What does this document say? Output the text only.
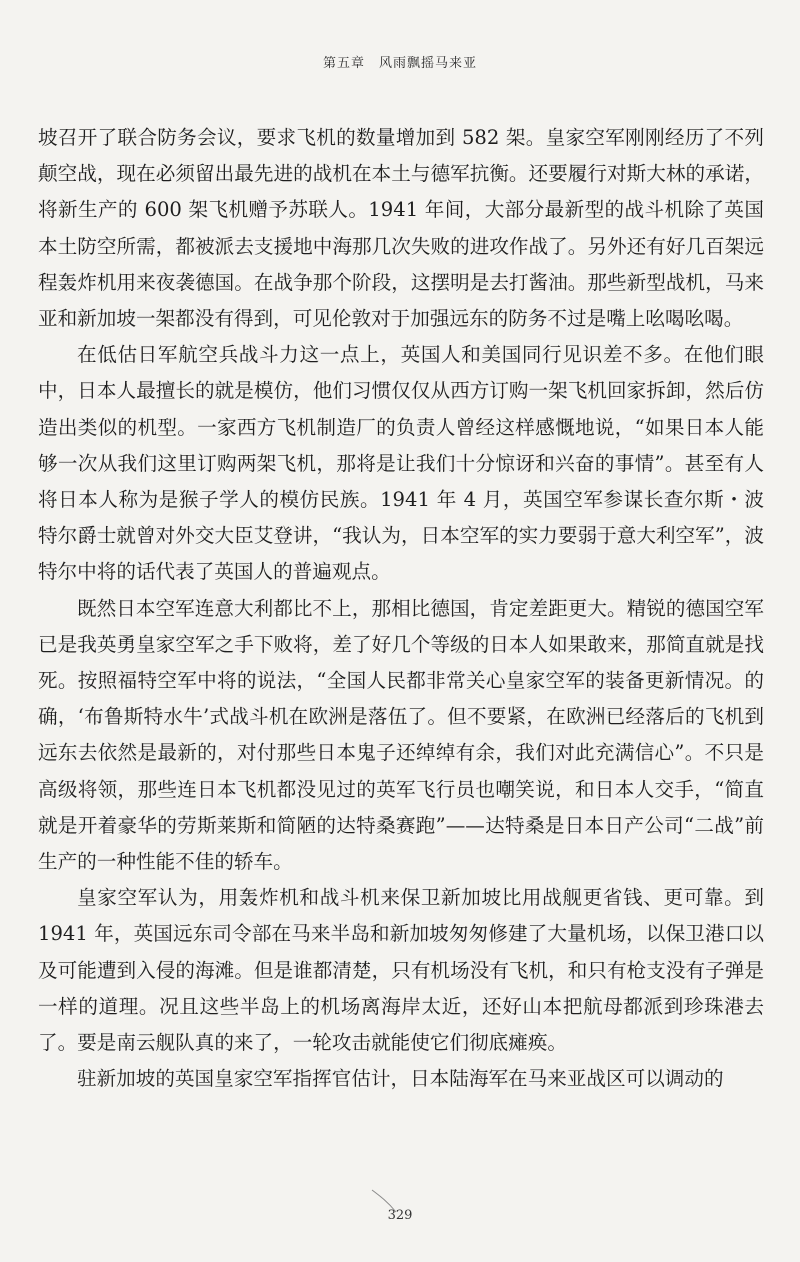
第五章　风雨飘摇马来亚

坡召开了联合防务会议，要求飞机的数量增加到 582 架。皇家空军刚刚经历了不列颠空战，现在必须留出最先进的战机在本土与德军抗衡。还要履行对斯大林的承诺，将新生产的 600 架飞机赠予苏联人。1941 年间，大部分最新型的战斗机除了英国本土防空所需，都被派去支援地中海那几次失败的进攻作战了。另外还有好几百架远程轰炸机用来夜袭德国。在战争那个阶段，这摆明是去打酱油。那些新型战机，马来亚和新加坡一架都没有得到，可见伦敦对于加强远东的防务不过是嘴上吆喝吆喝。

在低估日军航空兵战斗力这一点上，英国人和美国同行见识差不多。在他们眼中，日本人最擅长的就是模仿，他们习惯仅仅从西方订购一架飞机回家拆卸，然后仿造出类似的机型。一家西方飞机制造厂的负责人曾经这样感慨地说，“如果日本人能够一次从我们这里订购两架飞机，那将是让我们十分惊讶和兴奋的事情”。甚至有人将日本人称为是猴子学人的模仿民族。1941 年 4 月，英国空军参谋长查尔斯・波特尔爵士就曾对外交大臣艾登讲，“我认为，日本空军的实力要弱于意大利空军”，波特尔中将的话代表了英国人的普遍观点。

既然日本空军连意大利都比不上，那相比德国，肯定差距更大。精锐的德国空军已是我英勇皇家空军之手下败将，差了好几个等级的日本人如果敢来，那简直就是找死。按照福特空军中将的说法，“全国人民都非常关心皇家空军的装备更新情况。的确，‘布鲁斯特水牛’式战斗机在欧洲是落伍了。但不要紧，在欧洲已经落后的飞机到远东去依然是最新的，对付那些日本鬼子还绰绰有余，我们对此充满信心”。不只是高级将领，那些连日本飞机都没见过的英军飞行员也嘲笑说，和日本人交手，“简直就是开着豪华的劳斯莱斯和简陋的达特桑赛跑”——达特桑是日本日产公司“二战”前生产的一种性能不佳的轿车。

皇家空军认为，用轰炸机和战斗机来保卫新加坡比用战舰更省钱、更可靠。到 1941 年，英国远东司令部在马来半岛和新加坡匆匆修建了大量机场，以保卫港口以及可能遭到入侵的海滩。但是谁都清楚，只有机场没有飞机，和只有枪支没有子弹是一样的道理。况且这些半岛上的机场离海岸太近，还好山本把航母都派到珍珠港去了。要是南云舰队真的来了，一轮攻击就能使它们彻底瘫痪。

驻新加坡的英国皇家空军指挥官估计，日本陆海军在马来亚战区可以调动的

329
